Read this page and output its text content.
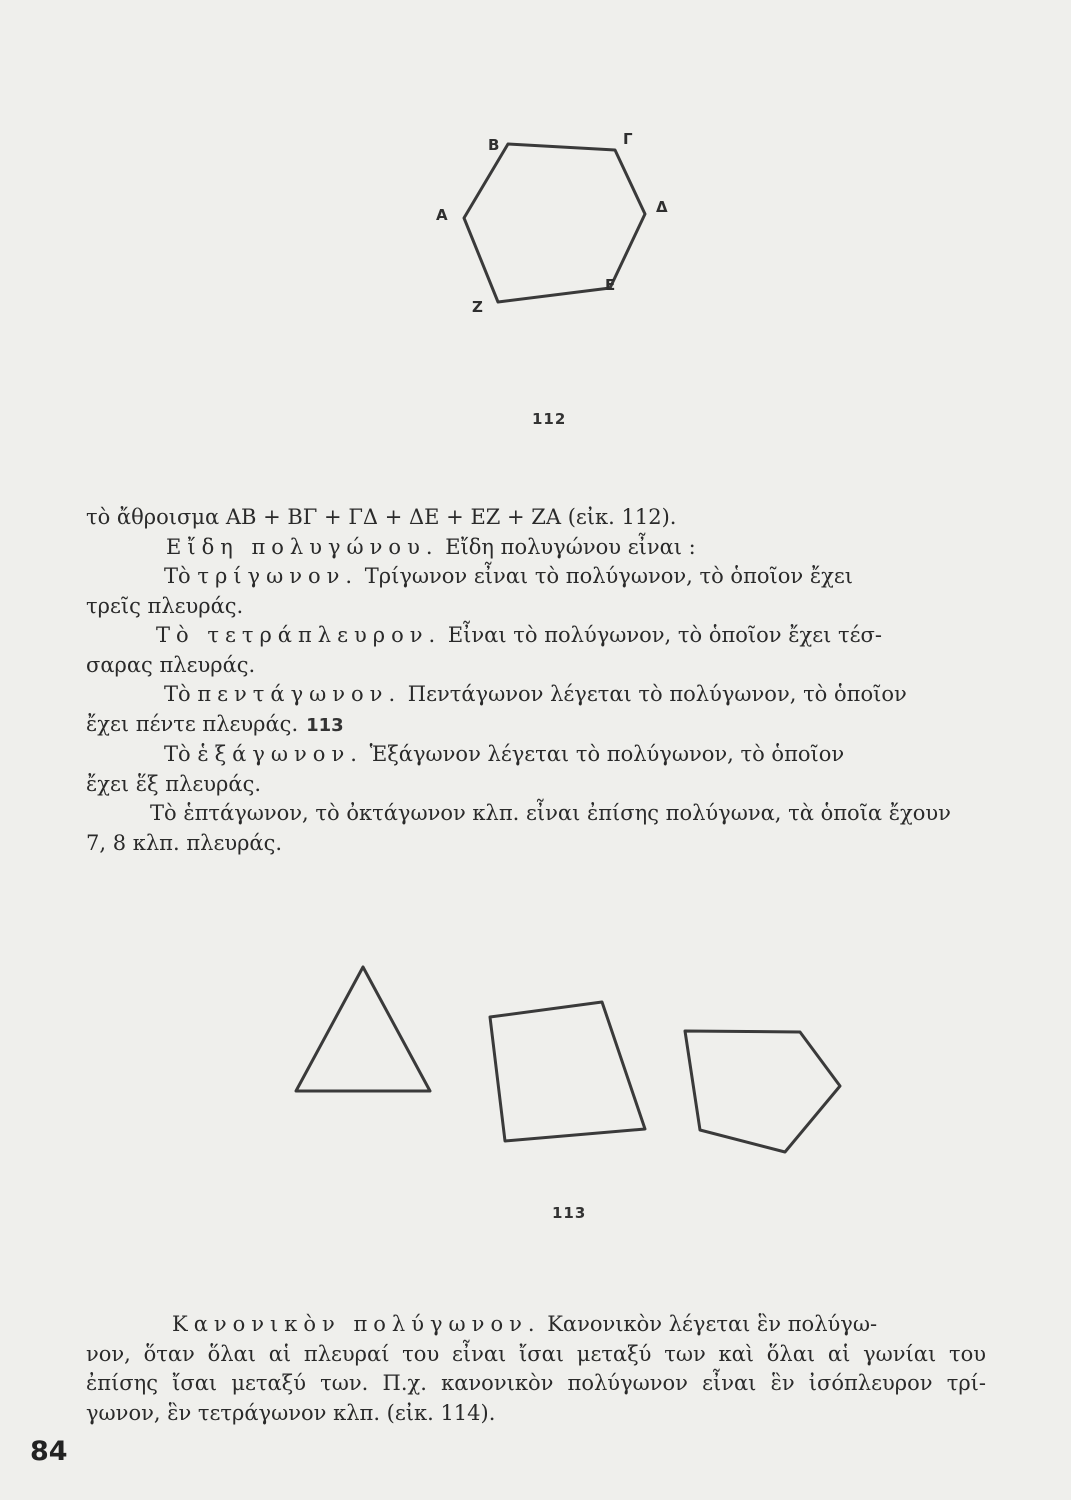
Β	Γ
Δ
Ε
Ζ
Α
112
τὸ ἄθροισμα ΑΒ + ΒΓ + ΓΔ + ΔΕ + ΕΖ + ΖΑ (εἰκ. 112).
Εἴδη πολυγώνου. Εἴδη πολυγώνου εἶναι :
Τὸ τρίγωνον. Τρίγωνον εἶναι τὸ πολύγωνον, τὸ ὁποῖον ἔχει
τρεῖς πλευράς.
Τὸ τετράπλευρον. Εἶναι τὸ πολύγωνον, τὸ ὁποῖον ἔχει τέσ-
σαρας πλευράς.
Τὸ πεντάγωνον. Πεντάγωνον λέγεται τὸ πολύγωνον, τὸ ὁποῖον
ἔχει πέντε πλευράς. 113
Τὸ ἑξάγωνον. Ἑξάγωνον λέγεται τὸ πολύγωνον, τὸ ὁποῖον
ἔχει ἕξ πλευράς.
Τὸ ἑπτάγωνον, τὸ ὀκτάγωνον κλπ. εἶναι ἐπίσης πολύγωνα, τὰ ὁποῖα ἔχουν
7, 8 κλπ. πλευράς.
113
Κανονικὸν πολύγωνον. Κανονικὸν λέγεται ἓν πολύγω-
νον, ὅταν ὅλαι αἱ πλευραί του εἶναι ἴσαι μεταξύ των καὶ ὅλαι αἱ γωνίαι του
ἐπίσης ἴσαι μεταξύ των. Π.χ. κανονικὸν πολύγωνον εἶναι ἓν ἰσόπλευρον τρί-
γωνον, ἓν τετράγωνον κλπ. (εἰκ. 114).
84
